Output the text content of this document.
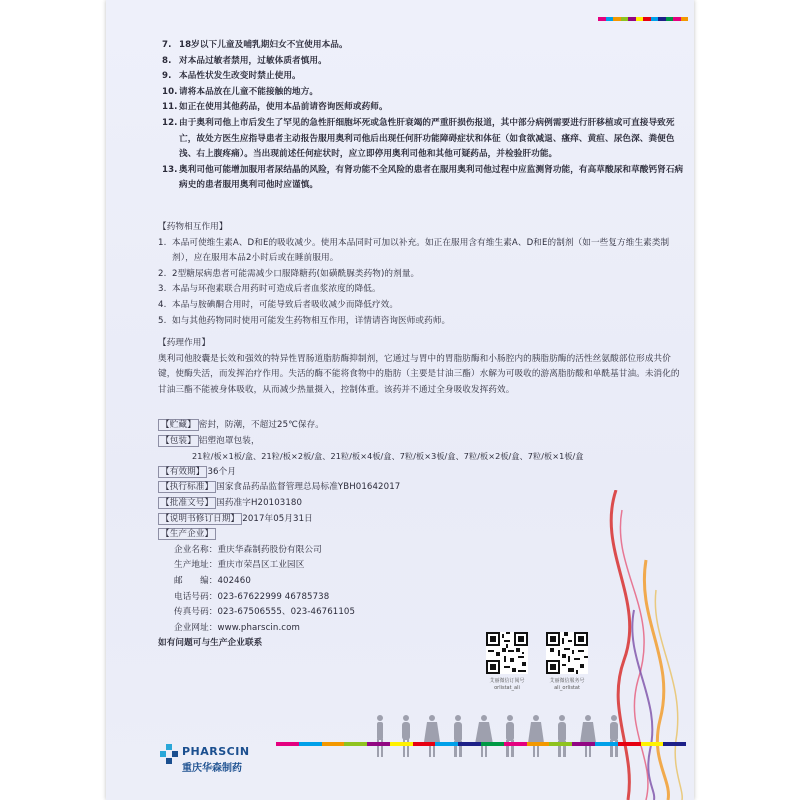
7. 18岁以下儿童及哺乳期妇女不宜使用本品。
8. 对本品过敏者禁用，过敏体质者慎用。
9. 本品性状发生改变时禁止使用。
10. 请将本品放在儿童不能接触的地方。
11. 如正在使用其他药品，使用本品前请咨询医师或药师。
12. 由于奥利司他上市后发生了罕见的急性肝细胞坏死或急性肝衰竭的严重肝损伤报道，其中部分病例需要进行肝移植或可直接导致死亡，故处方医生应指导患者主动报告服用奥利司他后出现任何肝功能障碍症状和体征（如食欲减退、瘙痒、黄疸、尿色深、粪便色浅、右上腹疼痛）。当出现前述任何症状时，应立即停用奥利司他和其他可疑药品，并检验肝功能。
13. 奥利司他可能增加服用者尿结晶的风险，有肾功能不全风险的患者在服用奥利司他过程中应监测肾功能，有高草酸尿和草酸钙肾石病病史的患者服用奥利司他时应谨慎。
【药物相互作用】
1. 本品可使维生素A、D和E的吸收减少。使用本品同时可加以补充。如正在服用含有维生素A、D和E的制剂（如一些复方维生素类制剂），应在服用本品2小时后或在睡前服用。
2. 2型糖尿病患者可能需减少口服降糖药(如磺酰脲类药物)的剂量。
3. 本品与环孢素联合用药时可造成后者血浆浓度的降低。
4. 本品与胺碘酮合用时，可能导致后者吸收减少而降低疗效。
5. 如与其他药物同时使用可能发生药物相互作用，详情请咨询医师或药师。
【药理作用】
奥利司他胶囊是长效和强效的特异性胃肠道脂肪酶抑制剂，它通过与胃中的胃脂肪酶和小肠腔内的胰脂肪酶的活性丝氨酸部位形成共价键，使酶失活，而发挥治疗作用。失活的酶不能将食物中的脂肪（主要是甘油三酯）水解为可吸收的游离脂肪酸和单酰基甘油。未消化的甘油三酯不能被身体吸收，从而减少热量摄入，控制体重。该药并不通过全身吸收发挥药效。
【贮藏】 密封，防潮，不超过25℃保存。
【包装】 铝塑泡罩包装，
21粒/板×1板/盒、21粒/板×2板/盒、21粒/板×4板/盒、7粒/板×3板/盒、7粒/板×2板/盒、7粒/板×1板/盒
【有效期】 36个月
【执行标准】 国家食品药品监督管理总局标准YBH01642017
【批准文号】 国药准字H20103180
【说明书修订日期】 2017年05月31日
【生产企业】
企业名称：重庆华森制药股份有限公司
生产地址：重庆市荣昌区工业园区
邮　　编：402460
电话号码：023-67622999 46785738
传真号码：023-67506555、023-46761105
企业网址：www.pharscin.com
如有问题可与生产企业联系
艾丽微信订阅号
orlistat_ali
艾丽微信服务号
ali_orlistat
PHARSCIN
重庆华森制药
